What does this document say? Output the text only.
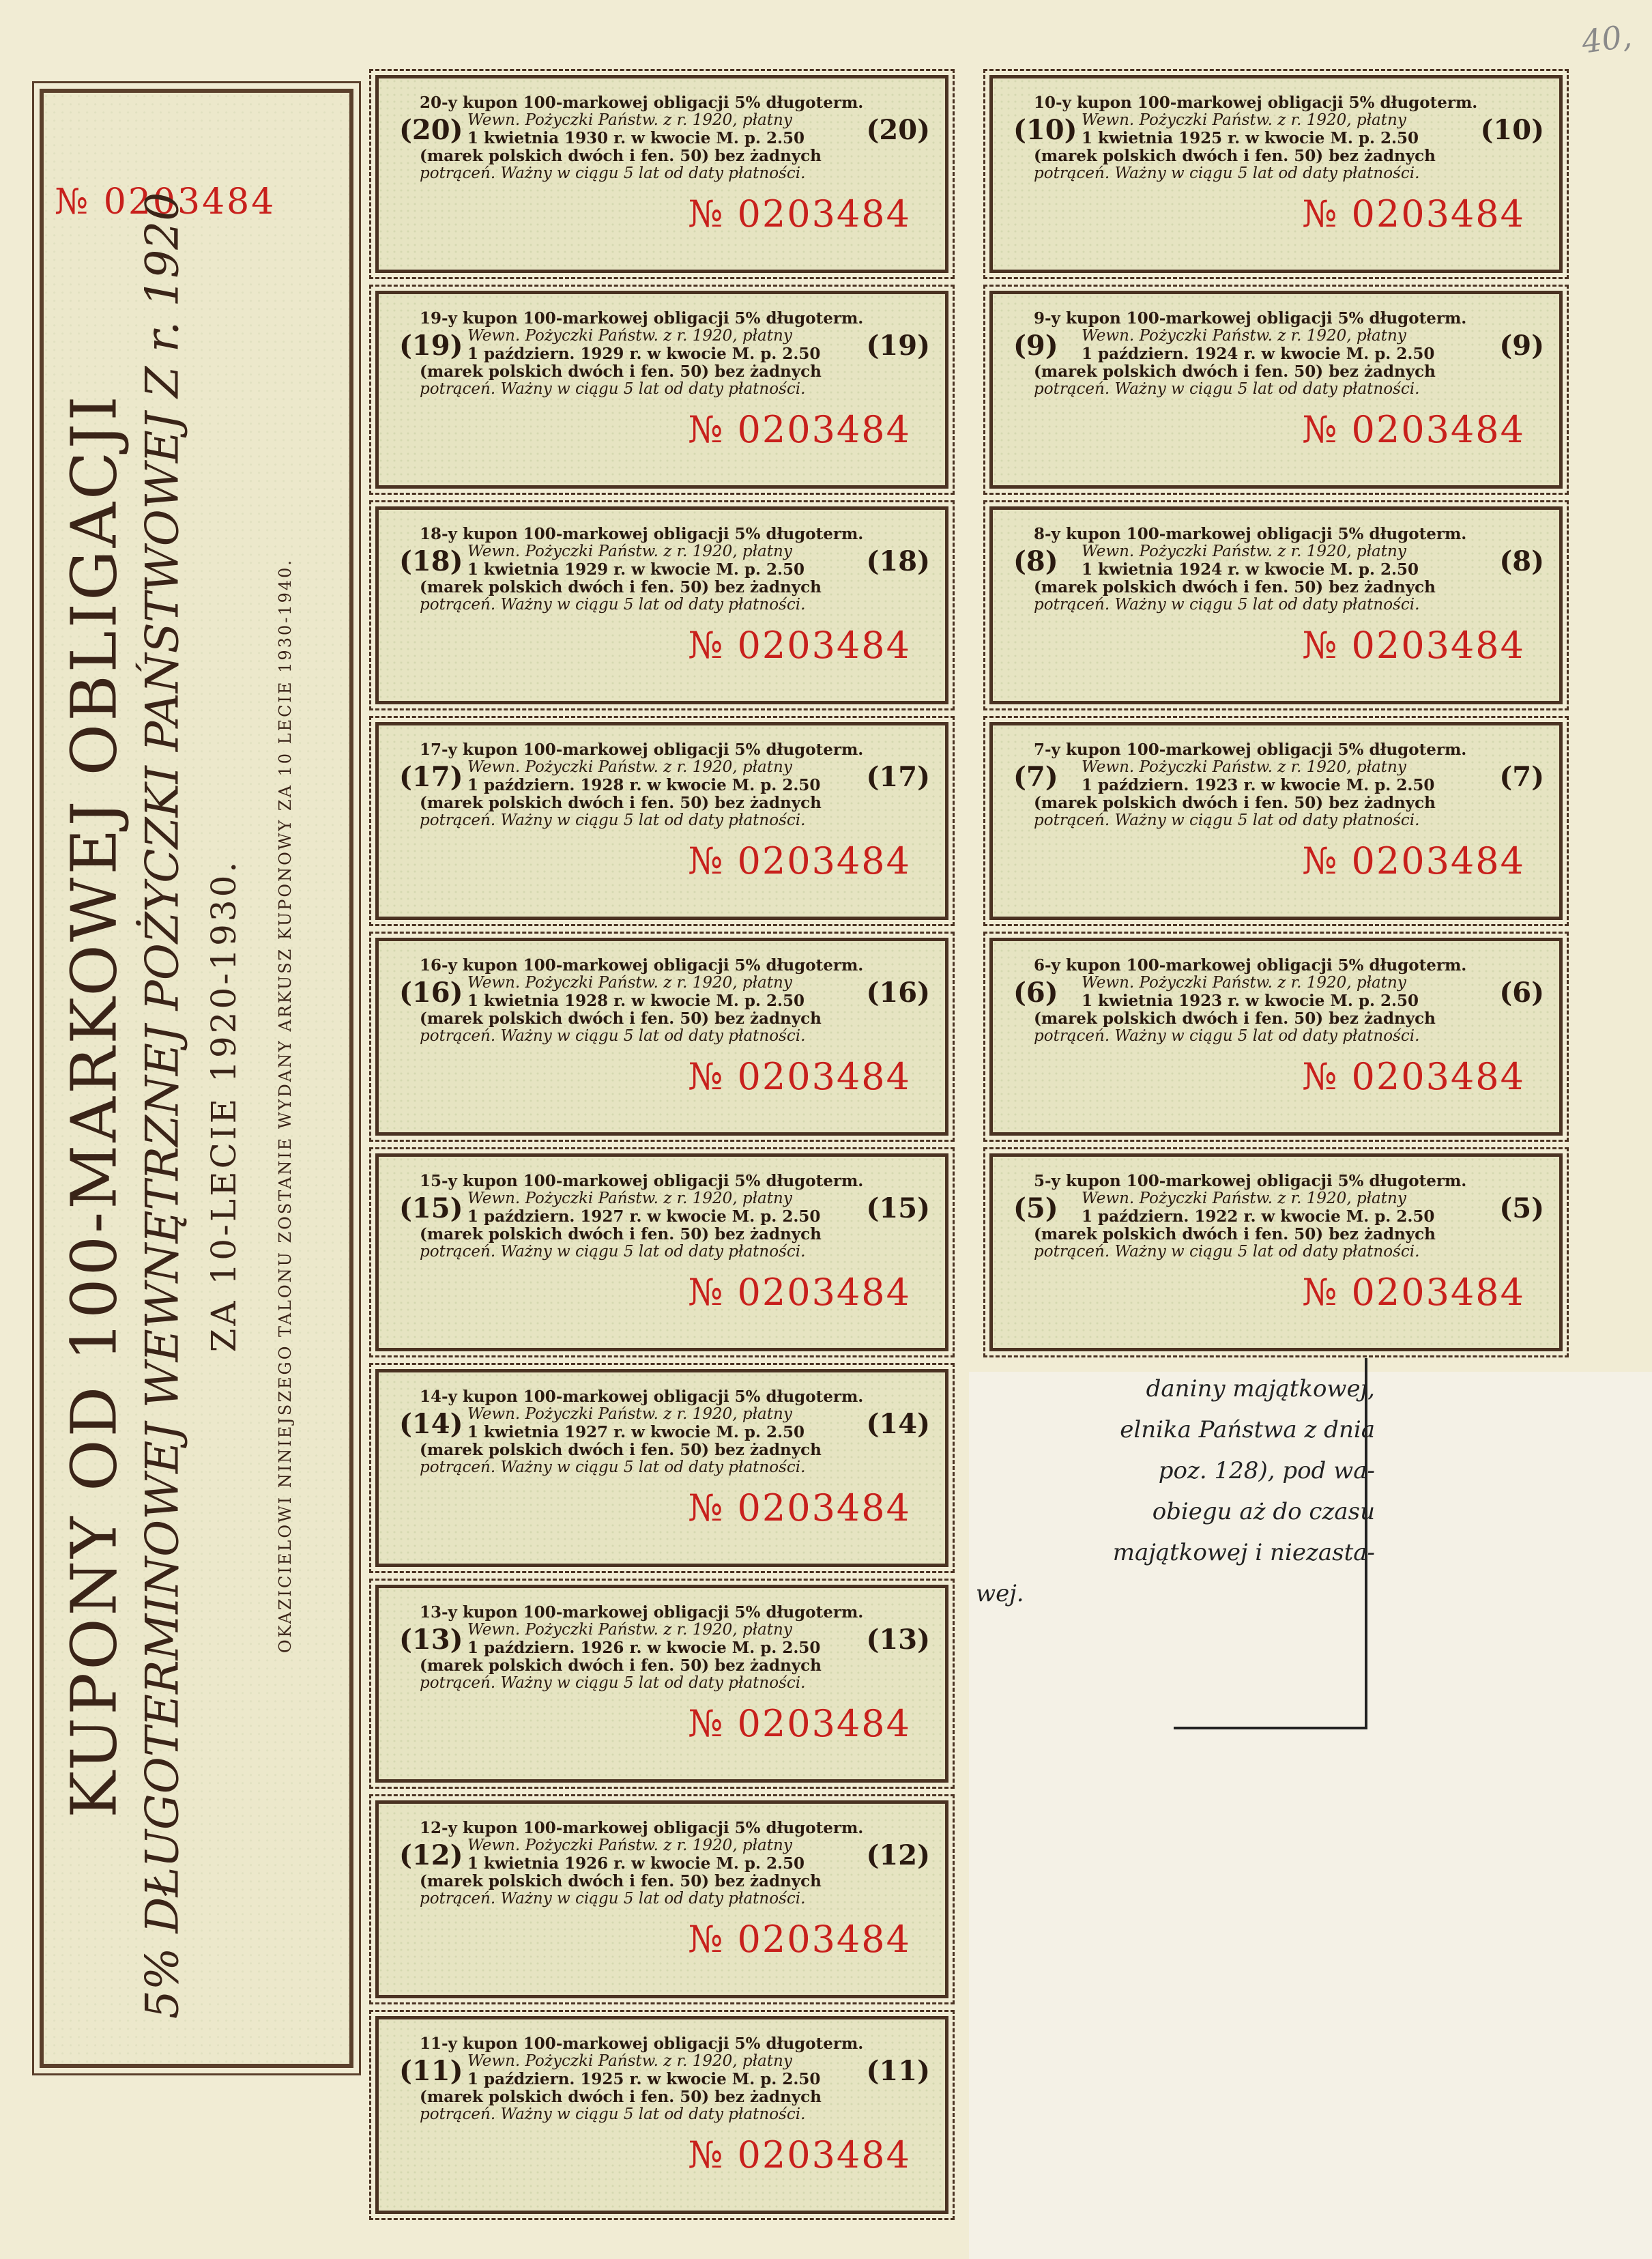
40,
№ 0203484
KUPONY OD 100-MARKOWEJ OBLIGACJI 5% DŁUGOTERMINOWEJ WEWNĘTRZNEJ POŻYCZKI PAŃSTWOWEJ Z r. 1920 ZA 10-LECIE 1920-1930. OKAZICIELOWI NINIEJSZEGO TALONU ZOSTANIE WYDANY ARKUSZ KUPONOWY ZA 10 LECIE 1930-1940.	daniny majątkowej,
elnika Państwa z dnia
poz. 128), pod wa-
obiegu aż do czasu
majątkowej i niezasta-
wej.
20-y kupon 100-markowej obligacji 5% długoterm.
(20) Wewn. Pożyczki Państw. z r. 1920, płatny
1 kwietnia 1930 r. w kwocie M. p. 2.50	(20)
(marek polskich dwóch i fen. 50) bez żadnych
potrąceń. Ważny w ciągu 5 lat od daty płatności.
№ 0203484
19-y kupon 100-markowej obligacji 5% długoterm.
(19) Wewn. Pożyczki Państw. z r. 1920, płatny
1 październ. 1929 r. w kwocie M. p. 2.50	(19)
(marek polskich dwóch i fen. 50) bez żadnych
potrąceń. Ważny w ciągu 5 lat od daty płatności.
№ 0203484
18-y kupon 100-markowej obligacji 5% długoterm.
(18) Wewn. Pożyczki Państw. z r. 1920, płatny
1 kwietnia 1929 r. w kwocie M. p. 2.50	(18)
(marek polskich dwóch i fen. 50) bez żadnych
potrąceń. Ważny w ciągu 5 lat od daty płatności.
№ 0203484
17-y kupon 100-markowej obligacji 5% długoterm.
(17) Wewn. Pożyczki Państw. z r. 1920, płatny
1 październ. 1928 r. w kwocie M. p. 2.50	(17)
(marek polskich dwóch i fen. 50) bez żadnych
potrąceń. Ważny w ciągu 5 lat od daty płatności.
№ 0203484
16-y kupon 100-markowej obligacji 5% długoterm.
(16) Wewn. Pożyczki Państw. z r. 1920, płatny
1 kwietnia 1928 r. w kwocie M. p. 2.50	(16)
(marek polskich dwóch i fen. 50) bez żadnych
potrąceń. Ważny w ciągu 5 lat od daty płatności.
№ 0203484
15-y kupon 100-markowej obligacji 5% długoterm.
(15) Wewn. Pożyczki Państw. z r. 1920, płatny
1 październ. 1927 r. w kwocie M. p. 2.50	(15)
(marek polskich dwóch i fen. 50) bez żadnych
potrąceń. Ważny w ciągu 5 lat od daty płatności.
№ 0203484
14-y kupon 100-markowej obligacji 5% długoterm.
(14) Wewn. Pożyczki Państw. z r. 1920, płatny
1 kwietnia 1927 r. w kwocie M. p. 2.50	(14)
(marek polskich dwóch i fen. 50) bez żadnych
potrąceń. Ważny w ciągu 5 lat od daty płatności.
№ 0203484
13-y kupon 100-markowej obligacji 5% długoterm.
(13) Wewn. Pożyczki Państw. z r. 1920, płatny
1 październ. 1926 r. w kwocie M. p. 2.50	(13)
(marek polskich dwóch i fen. 50) bez żadnych
potrąceń. Ważny w ciągu 5 lat od daty płatności.
№ 0203484
12-y kupon 100-markowej obligacji 5% długoterm.
(12) Wewn. Pożyczki Państw. z r. 1920, płatny
1 kwietnia 1926 r. w kwocie M. p. 2.50	(12)
(marek polskich dwóch i fen. 50) bez żadnych
potrąceń. Ważny w ciągu 5 lat od daty płatności.
№ 0203484
11-y kupon 100-markowej obligacji 5% długoterm.
(11) Wewn. Pożyczki Państw. z r. 1920, płatny
1 październ. 1925 r. w kwocie M. p. 2.50	(11)
(marek polskich dwóch i fen. 50) bez żadnych
potrąceń. Ważny w ciągu 5 lat od daty płatności.
№ 0203484
10-y kupon 100-markowej obligacji 5% długoterm.
(10) Wewn. Pożyczki Państw. z r. 1920, płatny
1 kwietnia 1925 r. w kwocie M. p. 2.50	(10)
(marek polskich dwóch i fen. 50) bez żadnych
potrąceń. Ważny w ciągu 5 lat od daty płatności.
№ 0203484
9-y kupon 100-markowej obligacji 5% długoterm.
(9)	Wewn. Pożyczki Państw. z r. 1920, płatny
1 październ. 1924 r. w kwocie M. p. 2.50	(9)
(marek polskich dwóch i fen. 50) bez żadnych
potrąceń. Ważny w ciągu 5 lat od daty płatności.
№ 0203484
8-y kupon 100-markowej obligacji 5% długoterm.
(8)	Wewn. Pożyczki Państw. z r. 1920, płatny
1 kwietnia 1924 r. w kwocie M. p. 2.50	(8)
(marek polskich dwóch i fen. 50) bez żadnych
potrąceń. Ważny w ciągu 5 lat od daty płatności.
№ 0203484
7-y kupon 100-markowej obligacji 5% długoterm.
(7)	Wewn. Pożyczki Państw. z r. 1920, płatny
1 październ. 1923 r. w kwocie M. p. 2.50	(7)
(marek polskich dwóch i fen. 50) bez żadnych
potrąceń. Ważny w ciągu 5 lat od daty płatności.
№ 0203484
6-y kupon 100-markowej obligacji 5% długoterm.
(6)	Wewn. Pożyczki Państw. z r. 1920, płatny
1 kwietnia 1923 r. w kwocie M. p. 2.50	(6)
(marek polskich dwóch i fen. 50) bez żadnych
potrąceń. Ważny w ciągu 5 lat od daty płatności.
№ 0203484
5-y kupon 100-markowej obligacji 5% długoterm.
(5)	Wewn. Pożyczki Państw. z r. 1920, płatny
1 październ. 1922 r. w kwocie M. p. 2.50	(5)
(marek polskich dwóch i fen. 50) bez żadnych
potrąceń. Ważny w ciągu 5 lat od daty płatności.
№ 0203484
